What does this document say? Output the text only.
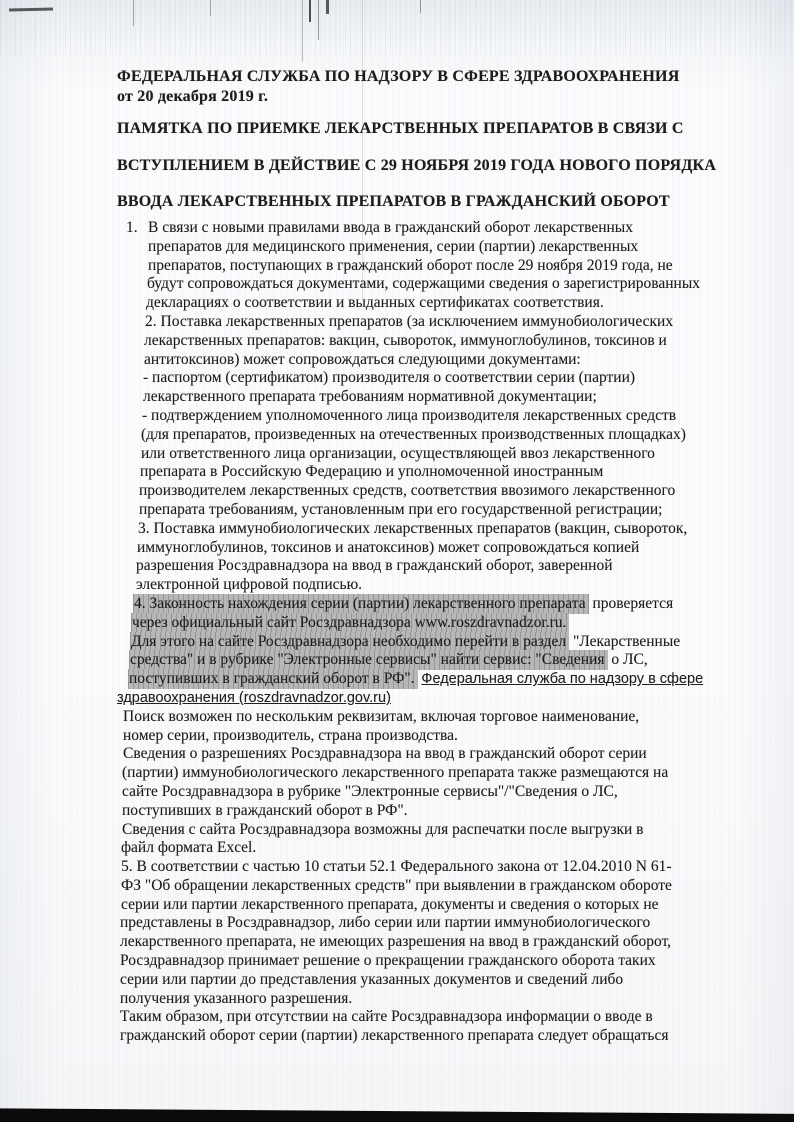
ФЕДЕРАЛЬНАЯ СЛУЖБА ПО НАДЗОРУ В СФЕРЕ ЗДРАВООХРАНЕНИЯ
от 20 декабря 2019 г.
ПАМЯТКА ПО ПРИЕМКЕ ЛЕКАРСТВЕННЫХ ПРЕПАРАТОВ В СВЯЗИ С
ВСТУПЛЕНИЕМ В ДЕЙСТВИЕ С 29 НОЯБРЯ 2019 ГОДА НОВОГО ПОРЯДКА
ВВОДА ЛЕКАРСТВЕННЫХ ПРЕПАРАТОВ В ГРАЖДАНСКИЙ ОБОРОТ
1. В связи с новыми правилами ввода в гражданский оборот лекарственных
препаратов для медицинского применения, серии (партии) лекарственных
препаратов, поступающих в гражданский оборот после 29 ноября 2019 года, не
будут сопровождаться документами, содержащими сведения о зарегистрированных
декларациях о соответствии и выданных сертификатах соответствия.
2. Поставка лекарственных препаратов (за исключением иммунобиологических
лекарственных препаратов: вакцин, сывороток, иммуноглобулинов, токсинов и
антитоксинов) может сопровождаться следующими документами:
- паспортом (сертификатом) производителя о соответствии серии (партии)
лекарственного препарата требованиям нормативной документации;
- подтверждением уполномоченного лица производителя лекарственных средств
(для препаратов, произведенных на отечественных производственных площадках)
или ответственного лица организации, осуществляющей ввоз лекарственного
препарата в Российскую Федерацию и уполномоченной иностранным
производителем лекарственных средств, соответствия ввозимого лекарственного
препарата требованиям, установленным при его государственной регистрации;
3. Поставка иммунобиологических лекарственных препаратов (вакцин, сывороток,
иммуноглобулинов, токсинов и анатоксинов) может сопровождаться копией
разрешения Росздравнадзора на ввод в гражданский оборот, заверенной
электронной цифровой подписью.
4. Законность нахождения серии (партии) лекарственного препарата проверяется
через официальный сайт Росздравнадзора www.roszdravnadzor.ru.
Для этого на сайте Росздравнадзора необходимо перейти в раздел "Лекарственные
средства" и в рубрике "Электронные сервисы" найти сервис: "Сведения о ЛС,
поступивших в гражданский оборот в РФ". Федеральная служба по надзору в сфере
здравоохранения (roszdravnadzor.gov.ru)
Поиск возможен по нескольким реквизитам, включая торговое наименование,
номер серии, производитель, страна производства.
Сведения о разрешениях Росздравнадзора на ввод в гражданский оборот серии
(партии) иммунобиологического лекарственного препарата также размещаются на
сайте Росздравнадзора в рубрике "Электронные сервисы"/"Сведения о ЛС,
поступивших в гражданский оборот в РФ".
Сведения с сайта Росздравнадзора возможны для распечатки после выгрузки в
файл формата Excel.
5. В соответствии с частью 10 статьи 52.1 Федерального закона от 12.04.2010 N 61-
ФЗ "Об обращении лекарственных средств" при выявлении в гражданском обороте
серии или партии лекарственного препарата, документы и сведения о которых не
представлены в Росздравнадзор, либо серии или партии иммунобиологического
лекарственного препарата, не имеющих разрешения на ввод в гражданский оборот,
Росздравнадзор принимает решение о прекращении гражданского оборота таких
серии или партии до представления указанных документов и сведений либо
получения указанного разрешения.
Таким образом, при отсутствии на сайте Росздравнадзора информации о вводе в
гражданский оборот серии (партии) лекарственного препарата следует обращаться
